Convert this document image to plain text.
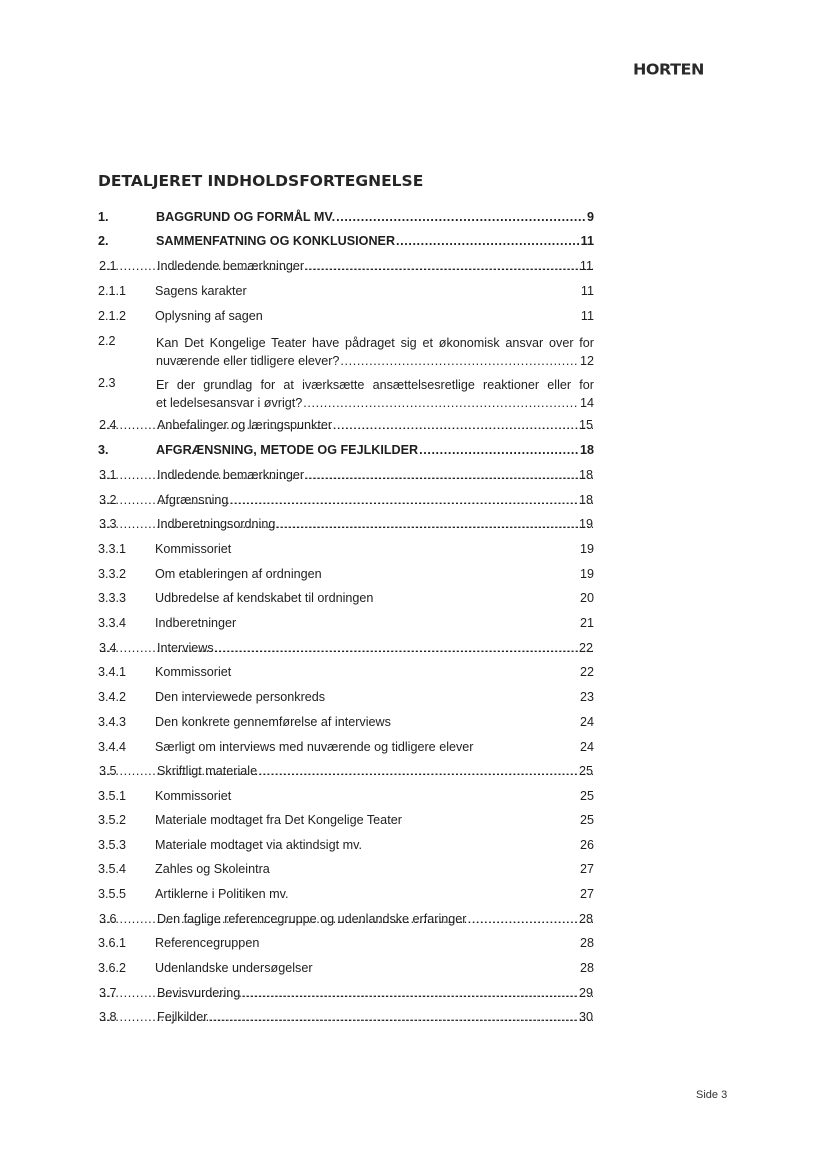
HORTEN
DETALJERET INDHOLDSFORTEGNELSE
1.	BAGGRUND OG FORMÅL MV. .....	9
2.	SAMMENFATNING OG KONKLUSIONER .....	11
2.1	Indledende bemærkninger .....	11
.....
2.1.1 Sagens karakter	11
2.1.2 Oplysning af sagen	11
2.2	Kan Det Kongelige Teater have pådraget sig et økonomisk ansvar over for
nuværende eller tidligere elever? .....	12
2.3	Er der grundlag for at iværksætte ansættelsesretlige reaktioner eller for
et ledelsesansvar i øvrigt? .....	14
2.4	Anbefalinger og læringspunkter .....	15
.....
3.	AFGRÆNSNING, METODE OG FEJLKILDER .....	18
3.1	Indledende bemærkninger .....	18
.....
3.2	Afgrænsning .....	18
.....
3.3	Indberetningsordning .....	19
.....
3.3.1 Kommissoriet	19
3.3.2 Om etableringen af ordningen	19
3.3.3 Udbredelse af kendskabet til ordningen	20
3.3.4 Indberetninger	21
3.4	Interviews .....	22
.....
3.4.1 Kommissoriet	22
3.4.2 Den interviewede personkreds	23
3.4.3 Den konkrete gennemførelse af interviews	24
3.4.4 Særligt om interviews med nuværende og tidligere elever	24
3.5	Skriftligt materiale .....	25
.....
3.5.1 Kommissoriet	25
3.5.2 Materiale modtaget fra Det Kongelige Teater	25
3.5.3 Materiale modtaget via aktindsigt mv.	26
3.5.4 Zahles og Skoleintra	27
3.5.5 Artiklerne i Politiken mv.	27
3.6	Den faglige referencegruppe og udenlandske erfaringer .....	28
.....
3.6.1 Referencegruppen	28
3.6.2 Udenlandske undersøgelser	28
3.7	Bevisvurdering .....	29
.....
3.8	Fejlkilder .....	30
.....
Side 3
